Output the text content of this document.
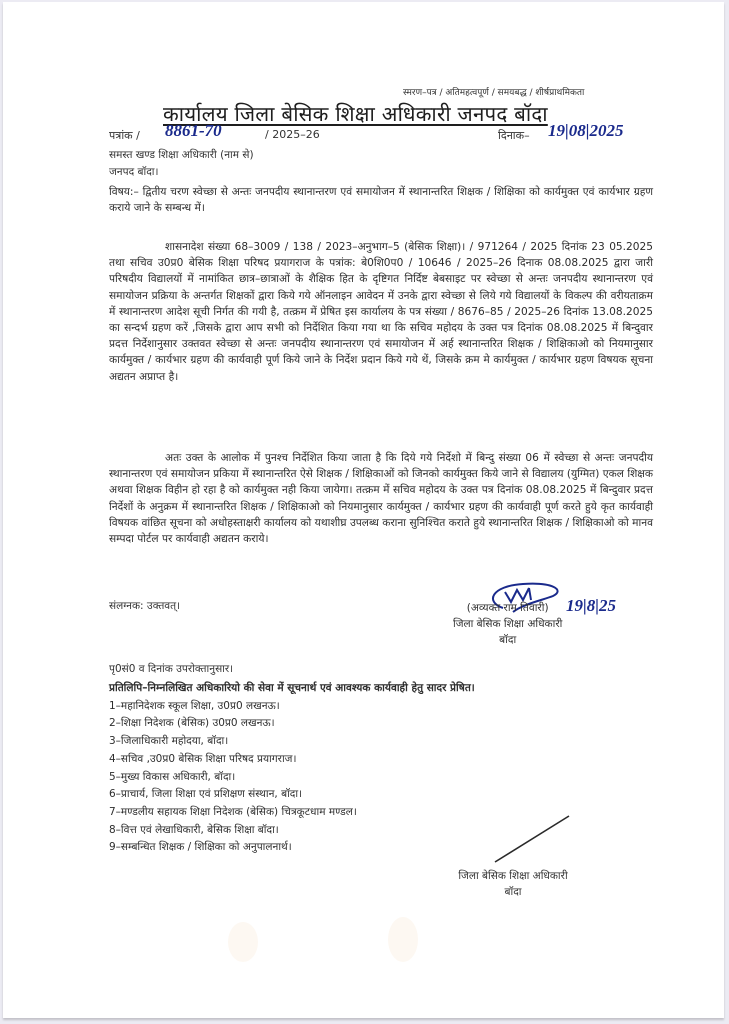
स्मरण–पत्र / अतिमहत्वपूर्ण / समयबद्ध / शीर्षप्राथमिकता
कार्यालय जिला बेसिक शिक्षा अधिकारी जनपद बॉदा
पत्रांक / 8861-70	/ 2025–26	दिनाक– 19|08|2025
समस्त खण्ड शिक्षा अधिकारी (नाम से)
जनपद बॉदा।
विषय:– द्वितीय चरण स्वेच्छा से अन्तः जनपदीय स्थानान्तरण एवं समायोजन में स्थानान्तरित शिक्षक / शिक्षिका को कार्यमुक्त एवं कार्यभार ग्रहण कराये जाने के सम्बन्ध में।
शासनादेश संख्या 68–3009 / 138 / 2023–अनुभाग–5 (बेसिक शिक्षा)। / 971264 / 2025 दिनांक 23 05.2025 तथा सचिव उ0प्र0 बेसिक शिक्षा परिषद प्रयागराज के पत्रांक: बे0शि0प0 / 10646 / 2025–26 दिनाक 08.08.2025 द्वारा जारी परिषदीय विद्यालयों में नामांकित छात्र–छात्राओं के शैक्षिक हित के दृष्टिगत निर्दिष्ट बेबसाइट पर स्वेच्छा से अन्तः जनपदीय स्थानान्तरण एवं समायोजन प्रक्रिया के अन्तर्गत शिक्षकों द्वारा किये गये ऑनलाइन आवेदन में उनके द्वारा स्वेच्छा से लिये गये विद्यालयों के विकल्प की वरीयताक्रम में स्थानान्तरण आदेश सूची निर्गत की गयी है, तत्क्रम में प्रेषित इस कार्यालय के पत्र संख्या / 8676–85 / 2025–26 दिनांक 13.08.2025 का सन्दर्भ ग्रहण करें ,जिसके द्वारा आप सभी को निर्देशित किया गया था कि सचिव महोदय के उक्त पत्र दिनांक 08.08.2025 में बिन्दुवार प्रदत्त निर्देशानुसार उक्तवत स्वेच्छा से अन्तः जनपदीय स्थानान्तरण एवं समायोजन में अर्ह स्थानान्तरित शिक्षक / शिक्षिकाओ को नियमानुसार कार्यमुक्त / कार्यभार ग्रहण की कार्यवाही पूर्ण किये जाने के निर्देश प्रदान किये गये थें, जिसके क्रम मे कार्यमुक्त / कार्यभार ग्रहण विषयक सूचना अद्यतन अप्राप्त है।
अतः उक्त के आलोक में पुनश्च निर्देशित किया जाता है कि दिये गये निर्देशो में बिन्दु संख्या 06 में स्वेच्छा से अन्तः जनपदीय स्थानान्तरण एवं समायोजन प्रकिया में स्थानान्तरित ऐसे शिक्षक / शिक्षिकाओं को जिनको कार्यमुक्त किये जाने से विद्यालय (युग्मित) एकल शिक्षक अथवा शिक्षक विहीन हो रहा है को कार्यमुक्त नही किया जायेगा। तत्क्रम में सचिव महोदय के उक्त पत्र दिनांक 08.08.2025 में बिन्दुवार प्रदत्त निर्देशों के अनुक्रम में स्थानान्तरित शिक्षक / शिक्षिकाओ को नियमानुसार कार्यमुक्त / कार्यभार ग्रहण की कार्यवाही पूर्ण करते हुये कृत कार्यवाही विषयक वांछित सूचना को अधोहस्ताक्षरी कार्यालय को यथाशीघ्र उपलब्ध कराना सुनिश्चित कराते हुये स्थानान्तरित शिक्षक / शिक्षिकाओ को मानव सम्पदा पोर्टल पर कार्यवाही अद्यतन कराये।
संलग्नक: उक्तवत्।	19|8|25
(अव्यक्त राम तिवारी)
जिला बेसिक शिक्षा अधिकारी
बॉदा
पृ0सं0 व दिनांक उपरोक्तानुसार।
प्रतिलिपि–निम्नलिखित अधिकारियो की सेवा में सूचनार्थ एवं आवश्यक कार्यवाही हेतु सादर प्रेषित।
1–महानिदेशक स्कूल शिक्षा, उ0प्र0 लखनऊ।
2–शिक्षा निदेशक (बेसिक) उ0प्र0 लखनऊ।
3–जिलाधिकारी महोदया, बॉदा।
4–सचिव ,उ0प्र0 बेसिक शिक्षा परिषद प्रयागराज।
5–मुख्य विकास अधिकारी, बॉदा।
6–प्राचार्य, जिला शिक्षा एवं प्रशिक्षण संस्थान, बॉदा।
7–मण्डलीय सहायक शिक्षा निदेशक (बेसिक) चित्रकूटधाम मण्डल।
8–वित्त एवं लेखाधिकारी, बेसिक शिक्षा बॉदा।
9–सम्बन्धित शिक्षक / शिक्षिका को अनुपालनार्थ।
जिला बेसिक शिक्षा अधिकारी
बॉदा
